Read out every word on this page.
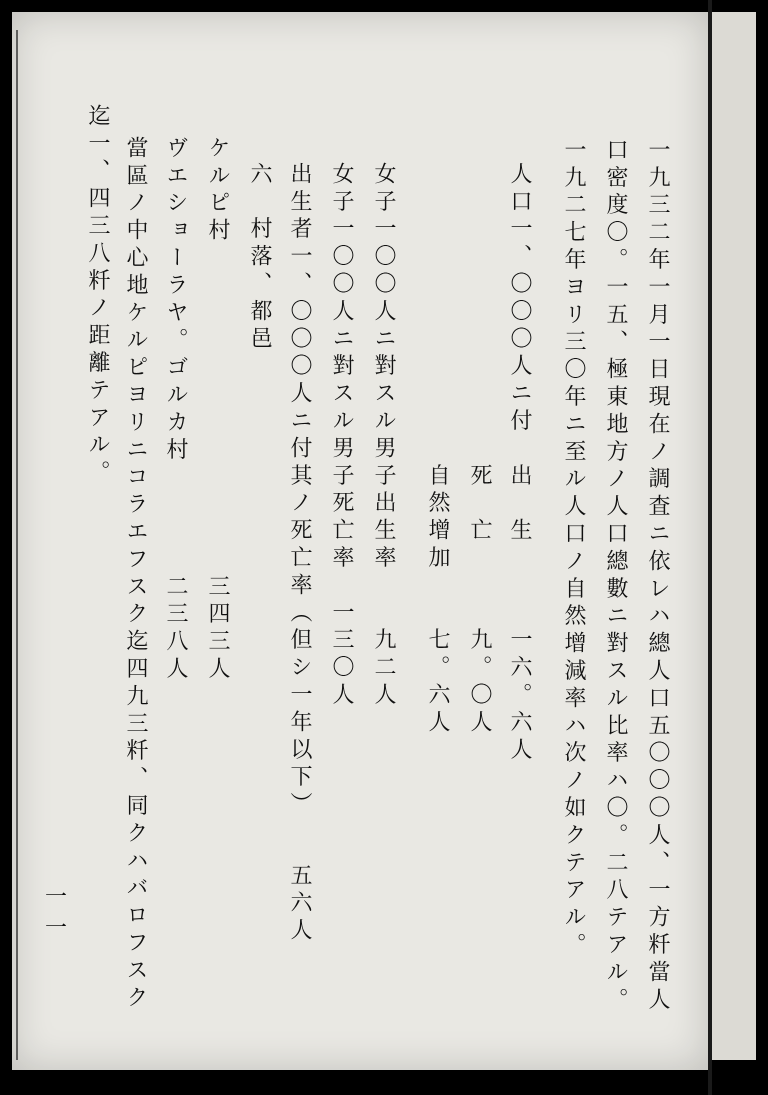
一九三二年一月一日現在ノ調査ニ依レハ總人口五〇〇〇人、一方粁當人
口密度〇。一五、極東地方ノ人口總數ニ對スル比率ハ〇。二八テアル。
一九二七年ヨリ三〇年ニ至ル人口ノ自然增減率ハ次ノ如クテアル。
人口一、〇〇〇人ニ付　出　生　　　一六。六人
　　　　　　　　　　　死　亡　　　九。〇人
　　　　　　　　　　　自然增加　　七。六人
女子一〇〇人ニ對スル男子出生率　　九二人
女子一〇〇人ニ對スル男子死亡率　一三〇人
出生者一、〇〇〇人ニ付其ノ死亡率（但シ一年以下）　　五六人
六　村落、都邑
ケルピ村　　　　　　　　　　　　三四三人
ヴエショーラヤ。ゴルカ村　　　　二三八人
當區ノ中心地ケルピヨリニコラエフスク迄四九三粁、同クハバロフスク
迄一、四三八粁ノ距離テアル。
一一
